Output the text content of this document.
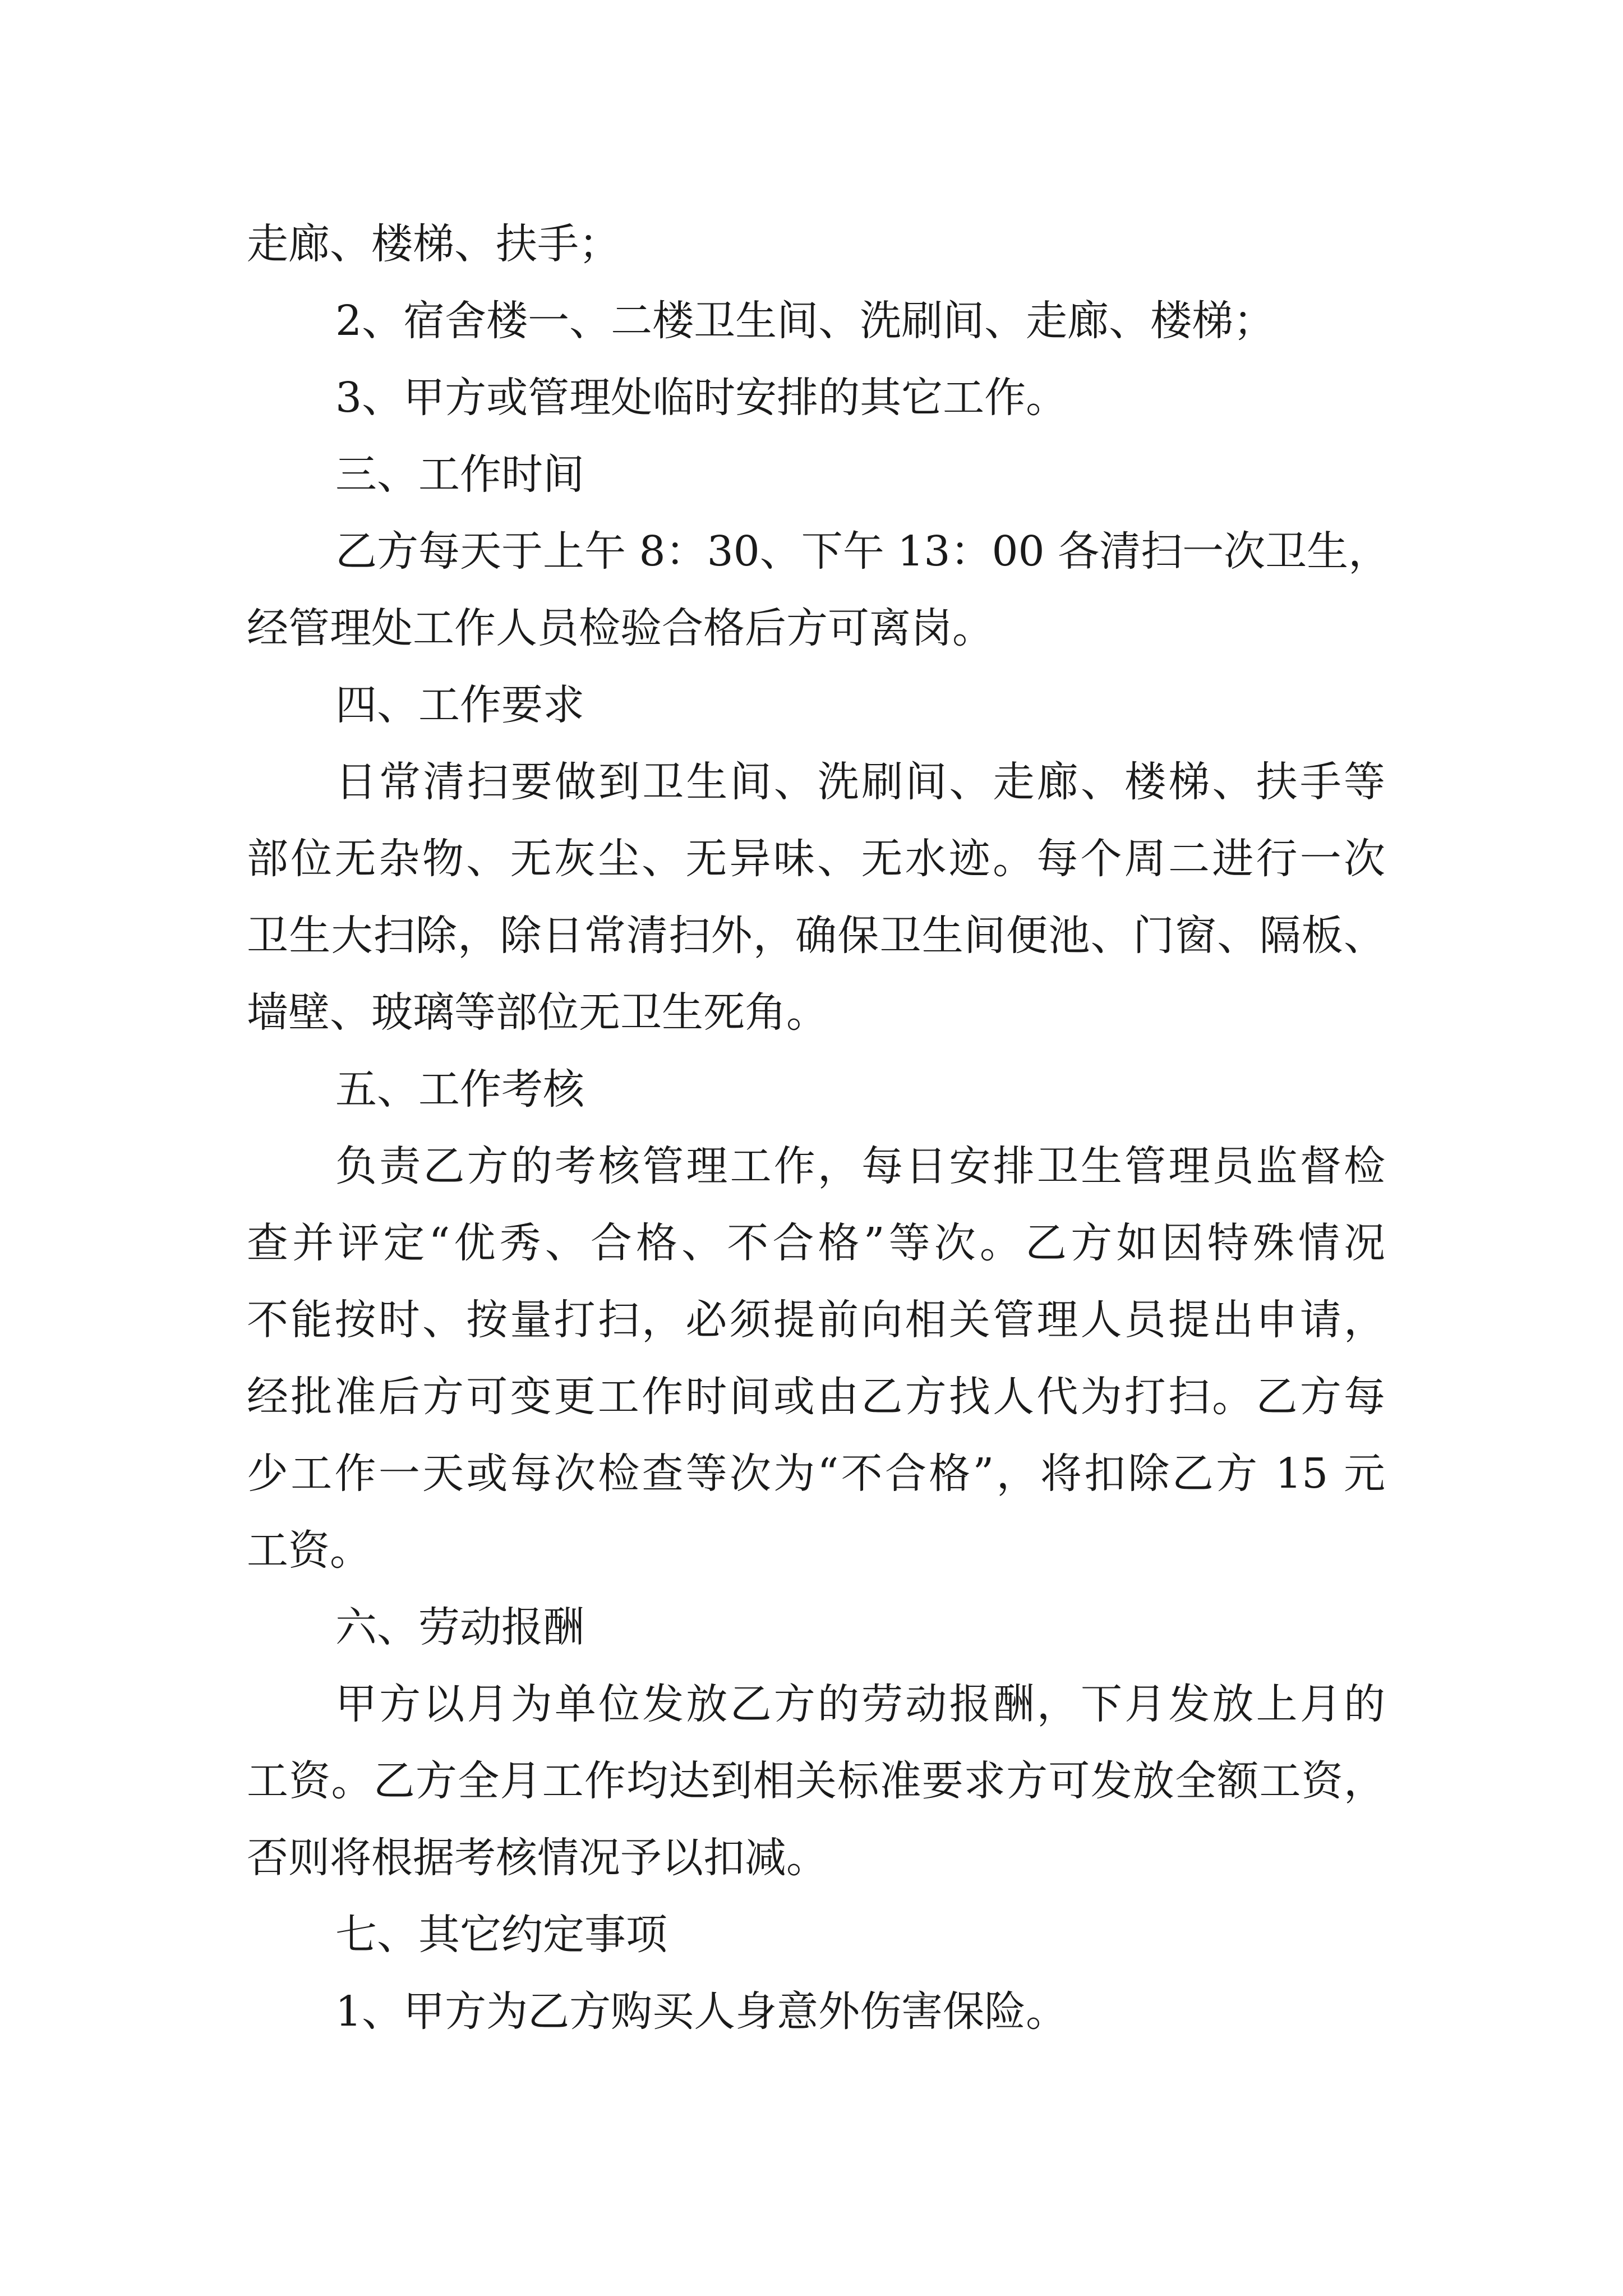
走廊、楼梯、扶手；
2、宿舍楼一、二楼卫生间、洗刷间、走廊、楼梯；
3、甲方或管理处临时安排的其它工作。
三、工作时间
乙方每天于上午 8：30、下午 13：00 各清扫一次卫生，
经管理处工作人员检验合格后方可离岗。
四、工作要求
日常清扫要做到卫生间、洗刷间、走廊、楼梯、扶手等
部位无杂物、无灰尘、无异味、无水迹。每个周二进行一次
卫生大扫除，除日常清扫外，确保卫生间便池、门窗、隔板、
墙壁、玻璃等部位无卫生死角。
五、工作考核
负责乙方的考核管理工作，每日安排卫生管理员监督检
查并评定“优秀、合格、不合格”等次。乙方如因特殊情况
不能按时、按量打扫，必须提前向相关管理人员提出申请，
经批准后方可变更工作时间或由乙方找人代为打扫。乙方每
少工作一天或每次检查等次为“不合格”，将扣除乙方 15 元
工资。
六、劳动报酬
甲方以月为单位发放乙方的劳动报酬，下月发放上月的
工资。乙方全月工作均达到相关标准要求方可发放全额工资，
否则将根据考核情况予以扣减。
七、其它约定事项
1、甲方为乙方购买人身意外伤害保险。
